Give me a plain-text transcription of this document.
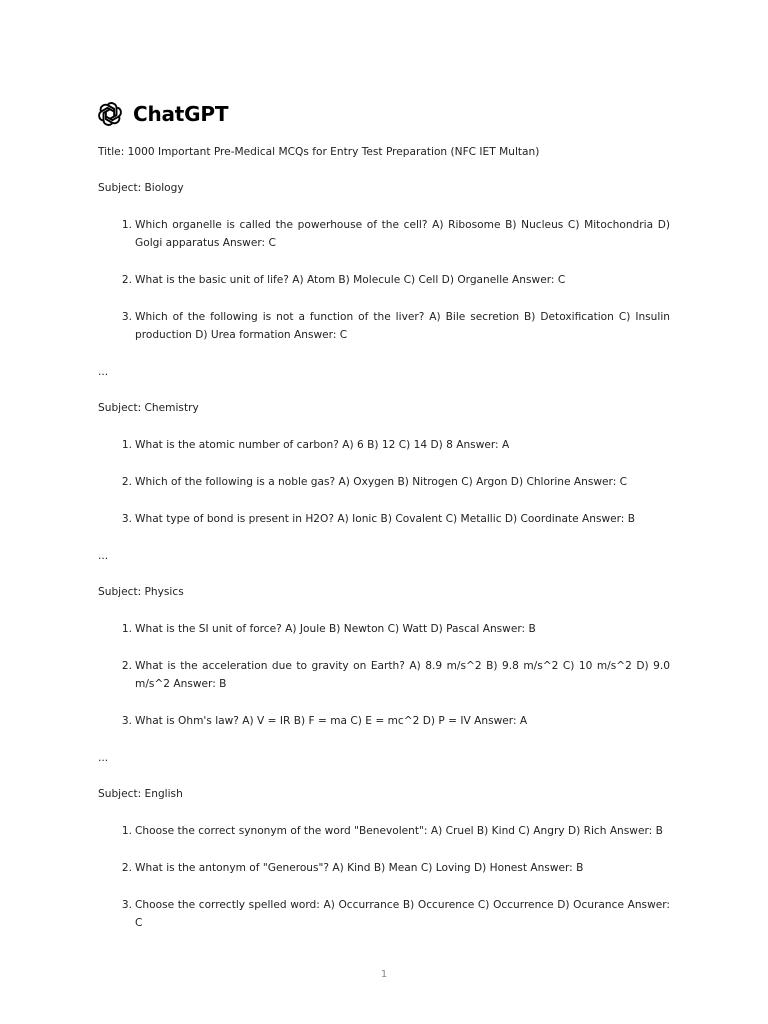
ChatGPT

Title: 1000 Important Pre-Medical MCQs for Entry Test Preparation (NFC IET Multan)

Subject: Biology

1. Which organelle is called the powerhouse of the cell? A) Ribosome B) Nucleus C) Mitochondria D) Golgi apparatus Answer: C
2. What is the basic unit of life? A) Atom B) Molecule C) Cell D) Organelle Answer: C
3. Which of the following is not a function of the liver? A) Bile secretion B) Detoxification C) Insulin production D) Urea formation Answer: C

...

Subject: Chemistry

1. What is the atomic number of carbon? A) 6 B) 12 C) 14 D) 8 Answer: A
2. Which of the following is a noble gas? A) Oxygen B) Nitrogen C) Argon D) Chlorine Answer: C
3. What type of bond is present in H2O? A) Ionic B) Covalent C) Metallic D) Coordinate Answer: B

...

Subject: Physics

1. What is the SI unit of force? A) Joule B) Newton C) Watt D) Pascal Answer: B
2. What is the acceleration due to gravity on Earth? A) 8.9 m/s^2 B) 9.8 m/s^2 C) 10 m/s^2 D) 9.0 m/s^2 Answer: B
3. What is Ohm's law? A) V = IR B) F = ma C) E = mc^2 D) P = IV Answer: A

...

Subject: English

1. Choose the correct synonym of the word "Benevolent": A) Cruel B) Kind C) Angry D) Rich Answer: B
2. What is the antonym of "Generous"? A) Kind B) Mean C) Loving D) Honest Answer: B
3. Choose the correctly spelled word: A) Occurrance B) Occurence C) Occurrence D) Ocurance Answer: C
1
